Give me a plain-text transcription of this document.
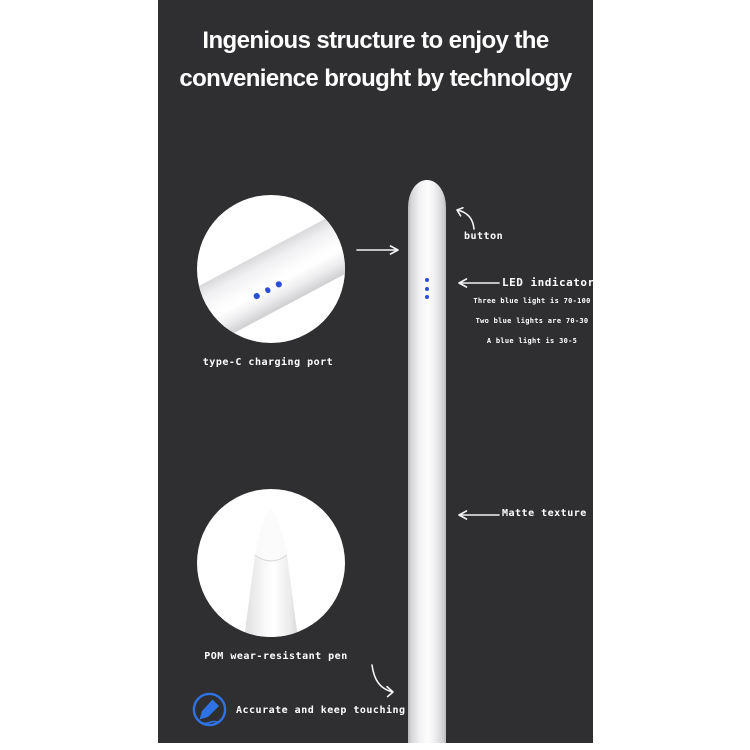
Ingenious structure to enjoy the
convenience brought by technology
type-C charging port
button
LED indicator
Three blue light is 70-100
Two blue lights are 70-30
A blue light is 30-5
Matte texture
POM wear-resistant pen
Accurate and keep touching
